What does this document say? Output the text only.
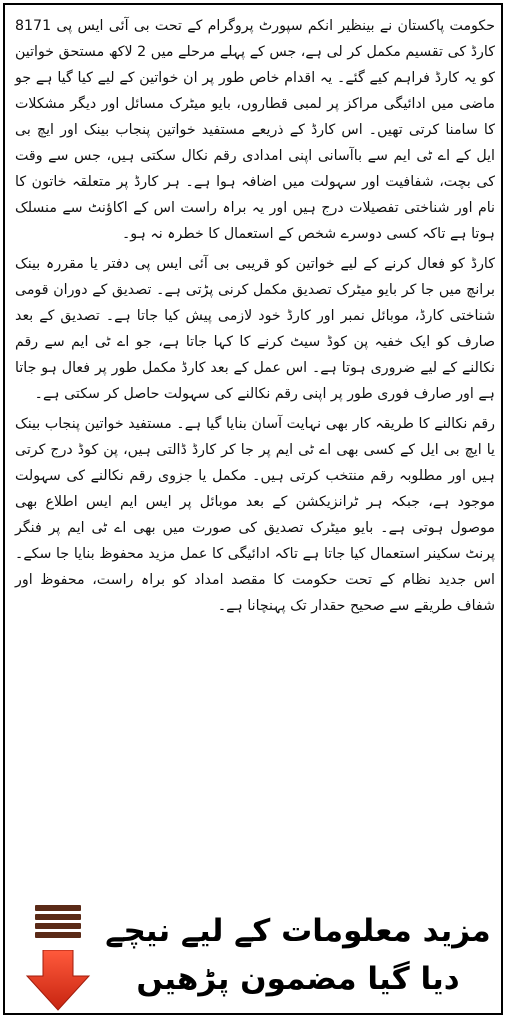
حکومت پاکستان نے بینظیر انکم سپورٹ پروگرام کے تحت بی آئی ایس پی 8171 کارڈ کی تقسیم مکمل کر لی ہے، جس کے پہلے مرحلے میں 2 لاکھ مستحق خواتین کو یہ کارڈ فراہم کیے گئے۔ یہ اقدام خاص طور پر ان خواتین کے لیے کیا گیا ہے جو ماضی میں ادائیگی مراکز پر لمبی قطاروں، بایو میٹرک مسائل اور دیگر مشکلات کا سامنا کرتی تھیں۔ اس کارڈ کے ذریعے مستفید خواتین پنجاب بینک اور ایچ بی ایل کے اے ٹی ایم سے باآسانی اپنی امدادی رقم نکال سکتی ہیں، جس سے وقت کی بچت، شفافیت اور سہولت میں اضافہ ہوا ہے۔ ہر کارڈ پر متعلقہ خاتون کا نام اور شناختی تفصیلات درج ہیں اور یہ براہ راست اس کے اکاؤنٹ سے منسلک ہوتا ہے تاکہ کسی دوسرے شخص کے استعمال کا خطرہ نہ ہو۔

کارڈ کو فعال کرنے کے لیے خواتین کو قریبی بی آئی ایس پی دفتر یا مقررہ بینک برانچ میں جا کر بایو میٹرک تصدیق مکمل کرنی پڑتی ہے۔ تصدیق کے دوران قومی شناختی کارڈ، موبائل نمبر اور کارڈ خود لازمی پیش کیا جاتا ہے۔ تصدیق کے بعد صارف کو ایک خفیہ پن کوڈ سیٹ کرنے کا کہا جاتا ہے، جو اے ٹی ایم سے رقم نکالنے کے لیے ضروری ہوتا ہے۔ اس عمل کے بعد کارڈ مکمل طور پر فعال ہو جاتا ہے اور صارف فوری طور پر اپنی رقم نکالنے کی سہولت حاصل کر سکتی ہے۔

رقم نکالنے کا طریقہ کار بھی نہایت آسان بنایا گیا ہے۔ مستفید خواتین پنجاب بینک یا ایچ بی ایل کے کسی بھی اے ٹی ایم پر جا کر کارڈ ڈالتی ہیں، پن کوڈ درج کرتی ہیں اور مطلوبہ رقم منتخب کرتی ہیں۔ مکمل یا جزوی رقم نکالنے کی سہولت موجود ہے، جبکہ ہر ٹرانزیکشن کے بعد موبائل پر ایس ایم ایس اطلاع بھی موصول ہوتی ہے۔ بایو میٹرک تصدیق کی صورت میں بھی اے ٹی ایم پر فنگر پرنٹ سکینر استعمال کیا جاتا ہے تاکہ ادائیگی کا عمل مزید محفوظ بنایا جا سکے۔ اس جدید نظام کے تحت حکومت کا مقصد امداد کو براہ راست، محفوظ اور شفاف طریقے سے صحیح حقدار تک پہنچانا ہے۔

مزید معلومات کے لیے نیچے
دیا گیا مضمون پڑھیں
